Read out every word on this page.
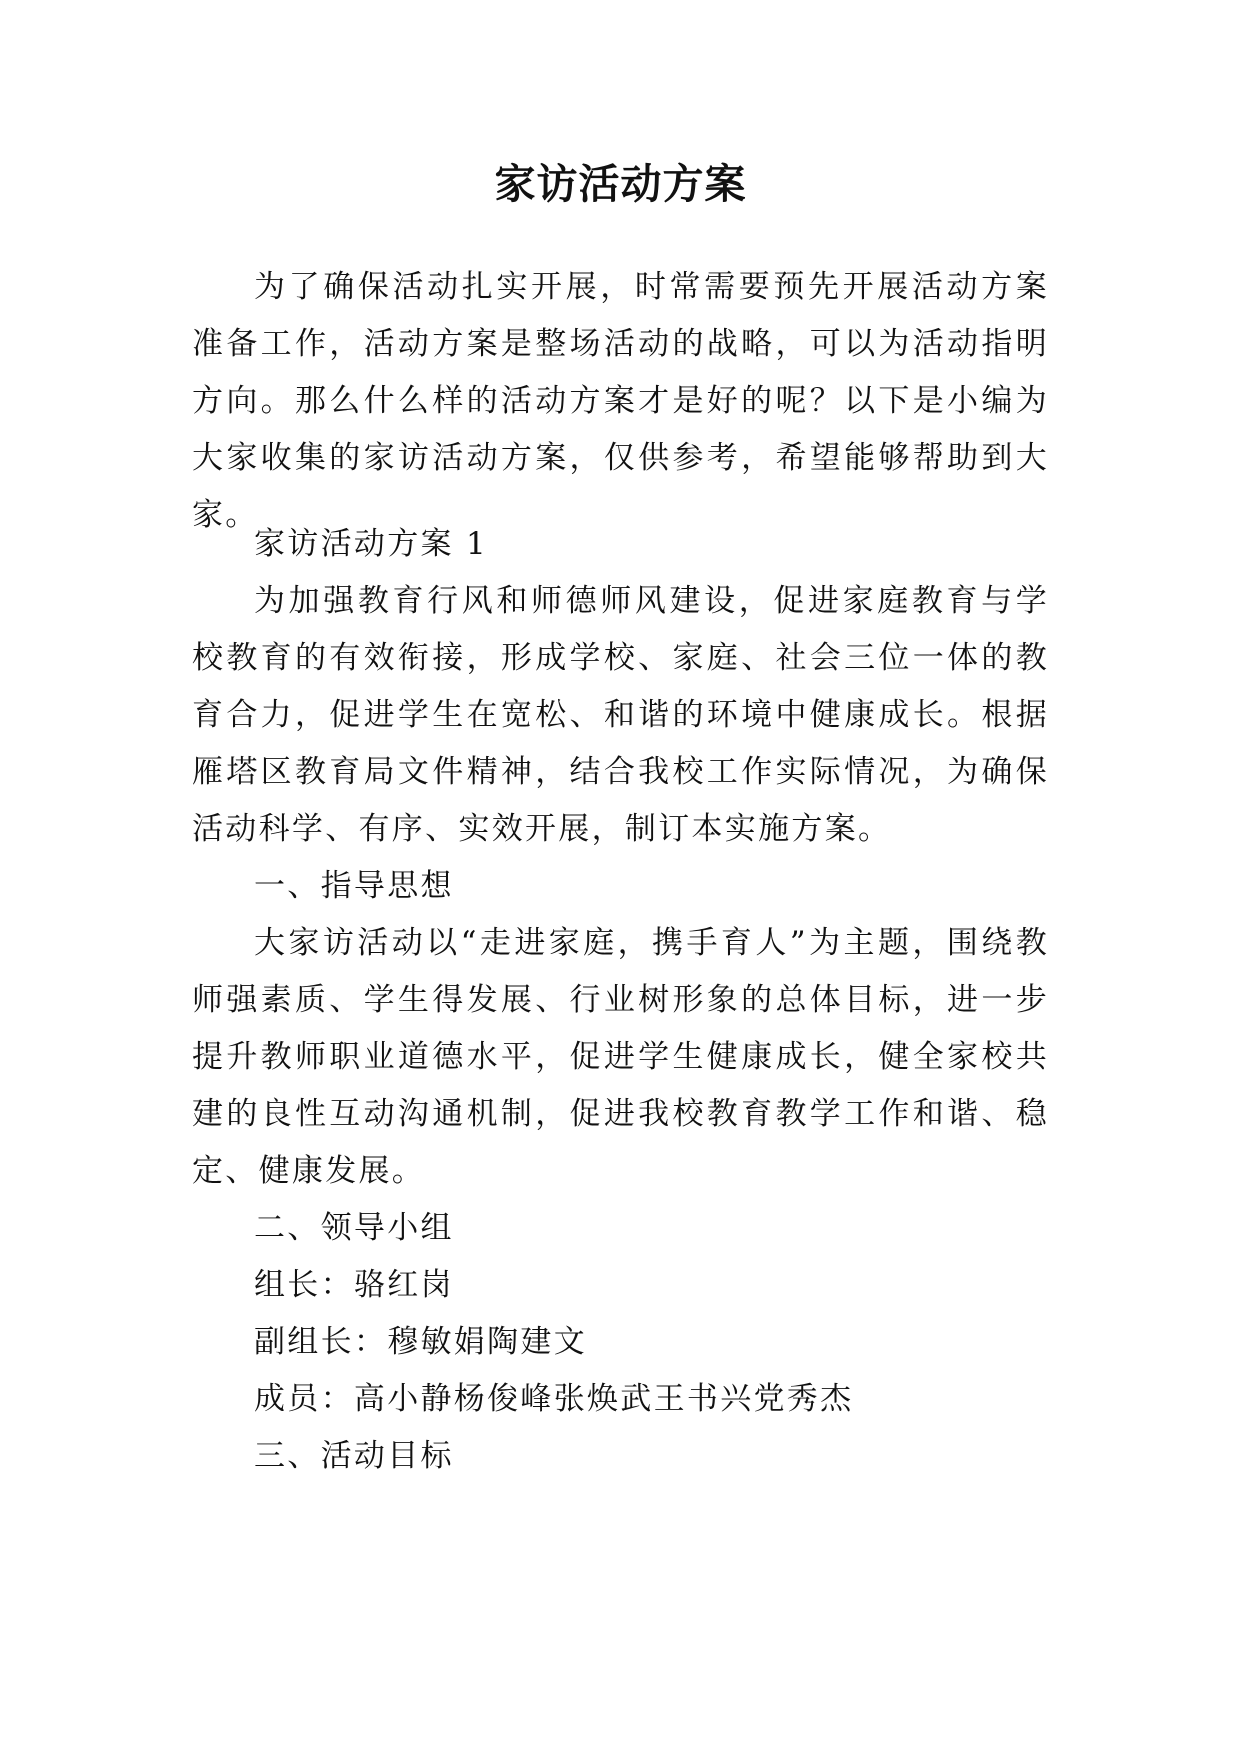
家访活动方案

为了确保活动扎实开展，时常需要预先开展活动方案准备工作，活动方案是整场活动的战略，可以为活动指明方向。那么什么样的活动方案才是好的呢？以下是小编为大家收集的家访活动方案，仅供参考，希望能够帮助到大家。

家访活动方案 1

为加强教育行风和师德师风建设，促进家庭教育与学校教育的有效衔接，形成学校、家庭、社会三位一体的教育合力，促进学生在宽松、和谐的环境中健康成长。根据雁塔区教育局文件精神，结合我校工作实际情况，为确保活动科学、有序、实效开展，制订本实施方案。

一、指导思想

大家访活动以“走进家庭，携手育人”为主题，围绕教师强素质、学生得发展、行业树形象的总体目标，进一步提升教师职业道德水平，促进学生健康成长，健全家校共建的良性互动沟通机制，促进我校教育教学工作和谐、稳定、健康发展。

二、领导小组

组长：骆红岗

副组长：穆敏娟陶建文

成员：高小静杨俊峰张焕武王书兴党秀杰

三、活动目标
